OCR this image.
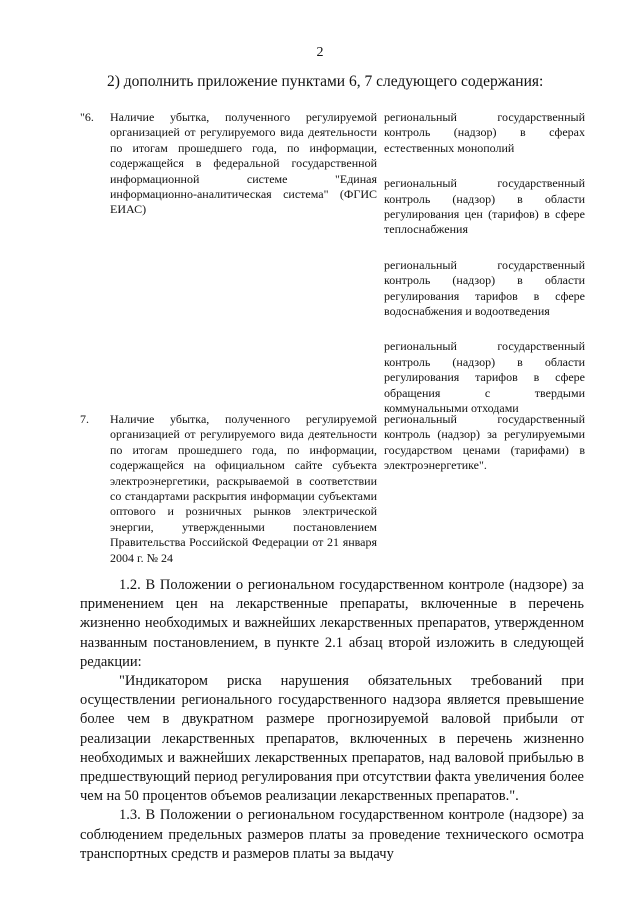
2
2) дополнить приложение пунктами 6, 7 следующего содержания:
"6. Наличие убытка, полученного регулируемой организацией от регулируемого вида деятельности по итогам прошедшего года, по информации, содержащейся в федеральной государственной информационной системе "Единая информационно-аналитическая система" (ФГИС ЕИАС)
региональный государственный контроль (надзор) в сферах естественных монополий
региональный государственный контроль (надзор) в области регулирования цен (тарифов) в сфере теплоснабжения
региональный государственный контроль (надзор) в области регулирования тарифов в сфере водоснабжения и водоотведения
региональный государственный контроль (надзор) в области регулирования тарифов в сфере обращения с твердыми коммунальными отходами
7. Наличие убытка, полученного регулируемой организацией от регулируемого вида деятельности по итогам прошедшего года, по информации, содержащейся на официальном сайте субъекта электроэнергетики, раскрываемой в соответствии со стандартами раскрытия информации субъектами оптового и розничных рынков электрической энергии, утвержденными постановлением Правительства Российской Федерации от 21 января 2004 г. № 24
региональный государственный контроль (надзор) за регулируемыми государством ценами (тарифами) в электроэнергетике".

1.2. В Положении о региональном государственном контроле (надзоре) за применением цен на лекарственные препараты, включенные в перечень жизненно необходимых и важнейших лекарственных препаратов, утвержденном названным постановлением, в пункте 2.1 абзац второй изложить в следующей редакции:

"Индикатором риска нарушения обязательных требований при осуществлении регионального государственного надзора является превышение более чем в двукратном размере прогнозируемой валовой прибыли от реализации лекарственных препаратов, включенных в перечень жизненно необходимых и важнейших лекарственных препаратов, над валовой прибылью в предшествующий период регулирования при отсутствии факта увеличения более чем на 50 процентов объемов реализации лекарственных препаратов.".

1.3. В Положении о региональном государственном контроле (надзоре) за соблюдением предельных размеров платы за проведение технического осмотра транспортных средств и размеров платы за выдачу
